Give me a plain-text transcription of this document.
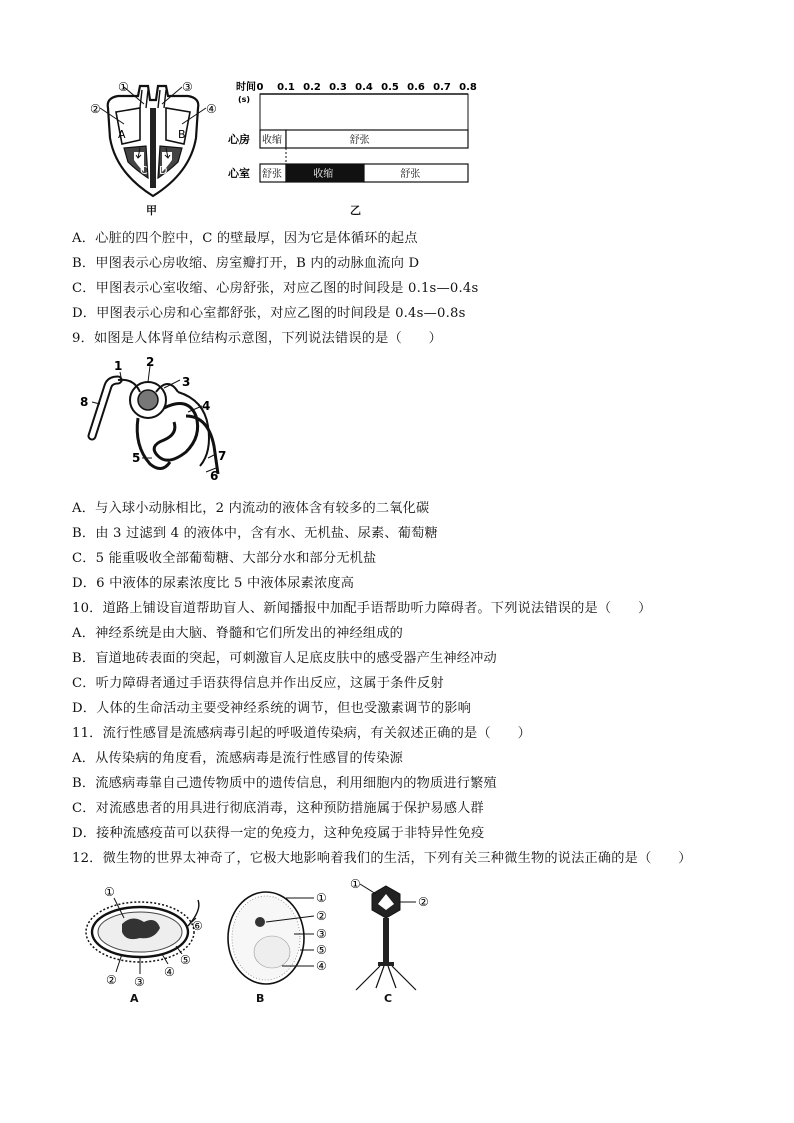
①
②
③
④
A	B
C D
甲
时间
(s)
0 0.1 0.2 0.3 0.4 0.5 0.6 0.7 0.8
心房 收缩	舒张
心室 舒张	收缩	舒张
乙
A．心脏的四个腔中，C 的壁最厚，因为它是体循环的起点
B．甲图表示心房收缩、房室瓣打开，B 内的动脉血流向 D
C．甲图表示心室收缩、心房舒张，对应乙图的时间段是 0.1s—0.4s
D．甲图表示心房和心室都舒张，对应乙图的时间段是 0.4s—0.8s
9．如图是人体肾单位结构示意图，下列说法错误的是（　　）
1 2
3
4
5
6
7
8
A．与入球小动脉相比，2 内流动的液体含有较多的二氧化碳
B．由 3 过滤到 4 的液体中，含有水、无机盐、尿素、葡萄糖
C．5 能重吸收全部葡萄糖、大部分水和部分无机盐
D．6 中液体的尿素浓度比 5 中液体尿素浓度高
10．道路上铺设盲道帮助盲人、新闻播报中加配手语帮助听力障碍者。下列说法错误的是（　　）
A．神经系统是由大脑、脊髓和它们所发出的神经组成的
B．盲道地砖表面的突起，可刺激盲人足底皮肤中的感受器产生神经冲动
C．听力障碍者通过手语获得信息并作出反应，这属于条件反射
D．人体的生命活动主要受神经系统的调节，但也受激素调节的影响
11．流行性感冒是流感病毒引起的呼吸道传染病，有关叙述正确的是（　　）
A．从传染病的角度看，流感病毒是流行性感冒的传染源
B．流感病毒靠自己遗传物质中的遗传信息，利用细胞内的物质进行繁殖
C．对流感患者的用具进行彻底消毒，这种预防措施属于保护易感人群
D．接种流感疫苗可以获得一定的免疫力，这种免疫属于非特异性免疫
12．微生物的世界太神奇了，它极大地影响着我们的生活，下列有关三种微生物的说法正确的是（　　）
①
② ③
④
⑤
⑥
A
①
②
③
⑤
④
B
①
②
C
